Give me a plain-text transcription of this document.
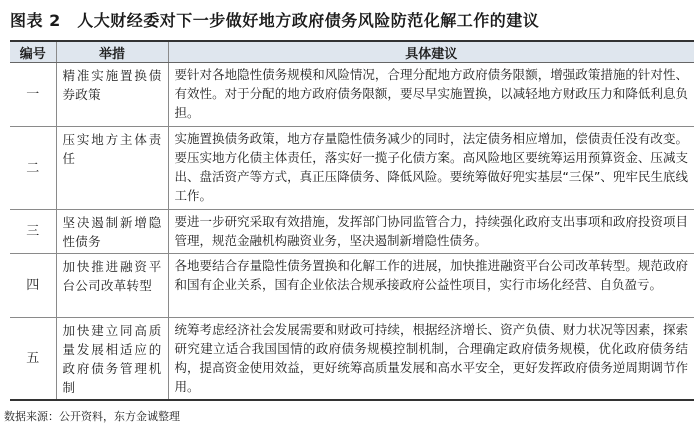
图表 2　人大财经委对下一步做好地方政府债务风险防范化解工作的建议
编号	举措	具体建议
一	精准实施置换债券政策	要针对各地隐性债务规模和风险情况，合理分配地方政府债务限额，增强政策措施的针对性、有效性。对于分配的地方政府债务限额，要尽早实施置换，以减轻地方财政压力和降低利息负担。
二	压实地方主体责任	实施置换债务政策，地方存量隐性债务减少的同时，法定债务相应增加，偿债责任没有改变。要压实地方化债主体责任，落实好一揽子化债方案。高风险地区要统筹运用预算资金、压减支出、盘活资产等方式，真正压降债务、降低风险。要统筹做好兜实基层“三保”、兜牢民生底线工作。
三	坚决遏制新增隐性债务	要进一步研究采取有效措施，发挥部门协同监管合力，持续强化政府支出事项和政府投资项目管理，规范金融机构融资业务，坚决遏制新增隐性债务。
四	加快推进融资平台公司改革转型	各地要结合存量隐性债务置换和化解工作的进展，加快推进融资平台公司改革转型。规范政府和国有企业关系，国有企业依法合规承接政府公益性项目，实行市场化经营、自负盈亏。
五	加快建立同高质量发展相适应的政府债务管理机制	统筹考虑经济社会发展需要和财政可持续，根据经济增长、资产负债、财力状况等因素，探索研究建立适合我国国情的政府债务规模控制机制，合理确定政府债务规模，优化政府债务结构，提高资金使用效益，更好统筹高质量发展和高水平安全，更好发挥政府债务逆周期调节作用。
数据来源：公开资料，东方金诚整理
